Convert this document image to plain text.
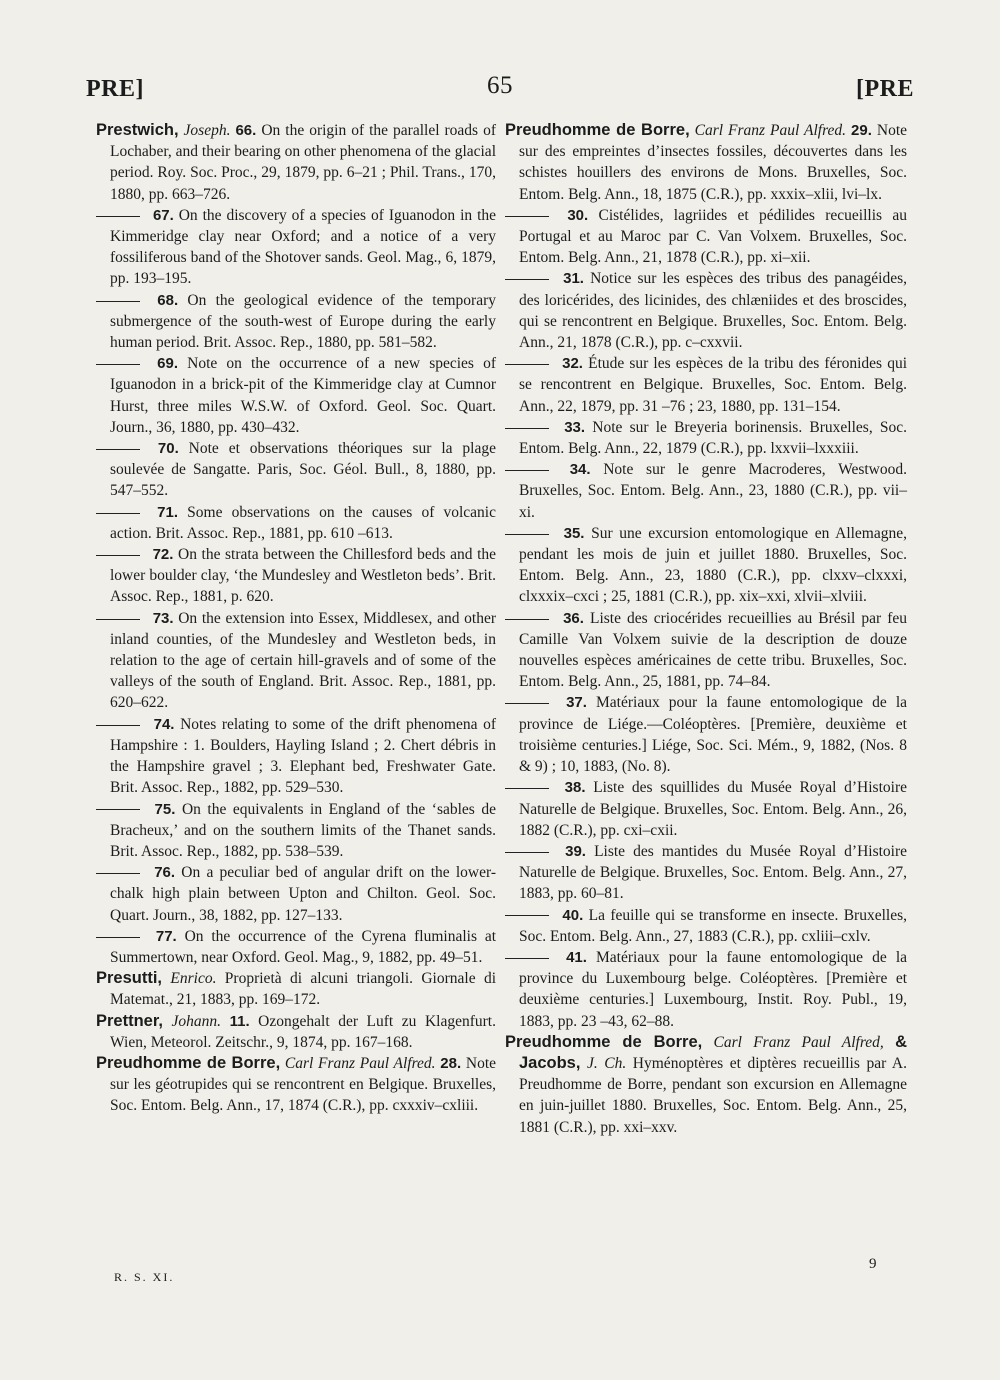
PRE]	65	[PRE

Prestwich, Joseph. 66. On the origin of the parallel roads of Lochaber, and their bearing on other phenomena of the glacial period. Roy. Soc. Proc., 29, 1879, pp. 6–21 ; Phil. Trans., 170, 1880, pp. 663–726.

67. On the discovery of a species of Iguanodon in the Kimmeridge clay near Oxford; and a notice of a very fossiliferous band of the Shotover sands. Geol. Mag., 6, 1879, pp. 193–195.

68. On the geological evidence of the temporary submergence of the south-west of Europe during the early human period. Brit. Assoc. Rep., 1880, pp. 581–582.

69. Note on the occurrence of a new species of Iguanodon in a brick-pit of the Kimmeridge clay at Cumnor Hurst, three miles W.S.W. of Oxford. Geol. Soc. Quart. Journ., 36, 1880, pp. 430–432.

70. Note et observations théoriques sur la plage soulevée de Sangatte. Paris, Soc. Géol. Bull., 8, 1880, pp. 547–552.

71. Some observations on the causes of volcanic action. Brit. Assoc. Rep., 1881, pp. 610 –613.

72. On the strata between the Chillesford beds and the lower boulder clay, ‘the Mundesley and Westleton beds’. Brit. Assoc. Rep., 1881, p. 620.

73. On the extension into Essex, Middlesex, and other inland counties, of the Mundesley and Westleton beds, in relation to the age of certain hill-gravels and of some of the valleys of the south of England. Brit. Assoc. Rep., 1881, pp. 620–622.

74. Notes relating to some of the drift phenomena of Hampshire : 1. Boulders, Hayling Island ; 2. Chert débris in the Hampshire gravel ; 3. Elephant bed, Freshwater Gate. Brit. Assoc. Rep., 1882, pp. 529–530.

75. On the equivalents in England of the ‘sables de Bracheux,’ and on the southern limits of the Thanet sands. Brit. Assoc. Rep., 1882, pp. 538–539.

76. On a peculiar bed of angular drift on the lower-chalk high plain between Upton and Chilton. Geol. Soc. Quart. Journ., 38, 1882, pp. 127–133.

77. On the occurrence of the Cyrena fluminalis at Summertown, near Oxford. Geol. Mag., 9, 1882, pp. 49–51.

Presutti, Enrico. Proprietà di alcuni triangoli. Giornale di Matemat., 21, 1883, pp. 169–172.

Prettner, Johann. 11. Ozongehalt der Luft zu Klagenfurt. Wien, Meteorol. Zeitschr., 9, 1874, pp. 167–168.

Preudhomme de Borre, Carl Franz Paul Alfred. 28. Note sur les géotrupides qui se rencontrent en Belgique. Bruxelles, Soc. Entom. Belg. Ann., 17, 1874 (C.R.), pp. cxxxiv–cxliii.

Preudhomme de Borre, Carl Franz Paul Alfred. 29. Note sur des empreintes d’insectes fossiles, découvertes dans les schistes houillers des environs de Mons. Bruxelles, Soc. Entom. Belg. Ann., 18, 1875 (C.R.), pp. xxxix–xlii, lvi–lx.

30. Cistélides, lagriides et pédilides recueillis au Portugal et au Maroc par C. Van Volxem. Bruxelles, Soc. Entom. Belg. Ann., 21, 1878 (C.R.), pp. xi–xii.

31. Notice sur les espèces des tribus des panagéides, des loricérides, des licinides, des chlæniides et des broscides, qui se rencontrent en Belgique. Bruxelles, Soc. Entom. Belg. Ann., 21, 1878 (C.R.), pp. c–cxxvii.

32. Étude sur les espèces de la tribu des féronides qui se rencontrent en Belgique. Bruxelles, Soc. Entom. Belg. Ann., 22, 1879, pp. 31 –76 ; 23, 1880, pp. 131–154.

33. Note sur le Breyeria borinensis. Bruxelles, Soc. Entom. Belg. Ann., 22, 1879 (C.R.), pp. lxxvii–lxxxiii.

34. Note sur le genre Macroderes, Westwood. Bruxelles, Soc. Entom. Belg. Ann., 23, 1880 (C.R.), pp. vii–xi.

35. Sur une excursion entomologique en Allemagne, pendant les mois de juin et juillet 1880. Bruxelles, Soc. Entom. Belg. Ann., 23, 1880 (C.R.), pp. clxxv–clxxxi, clxxxix–cxci ; 25, 1881 (C.R.), pp. xix–xxi, xlvii–xlviii.

36. Liste des criocérides recueillies au Brésil par feu Camille Van Volxem suivie de la description de douze nouvelles espèces américaines de cette tribu. Bruxelles, Soc. Entom. Belg. Ann., 25, 1881, pp. 74–84.

37. Matériaux pour la faune entomologique de la province de Liége.—Coléoptères. [Première, deuxième et troisième centuries.] Liége, Soc. Sci. Mém., 9, 1882, (Nos. 8 & 9) ; 10, 1883, (No. 8).

38. Liste des squillides du Musée Royal d’Histoire Naturelle de Belgique. Bruxelles, Soc. Entom. Belg. Ann., 26, 1882 (C.R.), pp. cxi–cxii.

39. Liste des mantides du Musée Royal d’Histoire Naturelle de Belgique. Bruxelles, Soc. Entom. Belg. Ann., 27, 1883, pp. 60–81.

40. La feuille qui se transforme en insecte. Bruxelles, Soc. Entom. Belg. Ann., 27, 1883 (C.R.), pp. cxliii–cxlv.

41. Matériaux pour la faune entomologique de la province du Luxembourg belge. Coléoptères. [Première et deuxième centuries.] Luxembourg, Instit. Roy. Publ., 19, 1883, pp. 23 –43, 62–88.

Preudhomme de Borre, Carl Franz Paul Alfred, & Jacobs, J. Ch. Hyménoptères et diptères recueillis par A. Preudhomme de Borre, pendant son excursion en Allemagne en juin-juillet 1880. Bruxelles, Soc. Entom. Belg. Ann., 25, 1881 (C.R.), pp. xxi–xxv.

R. S. XI.
9
